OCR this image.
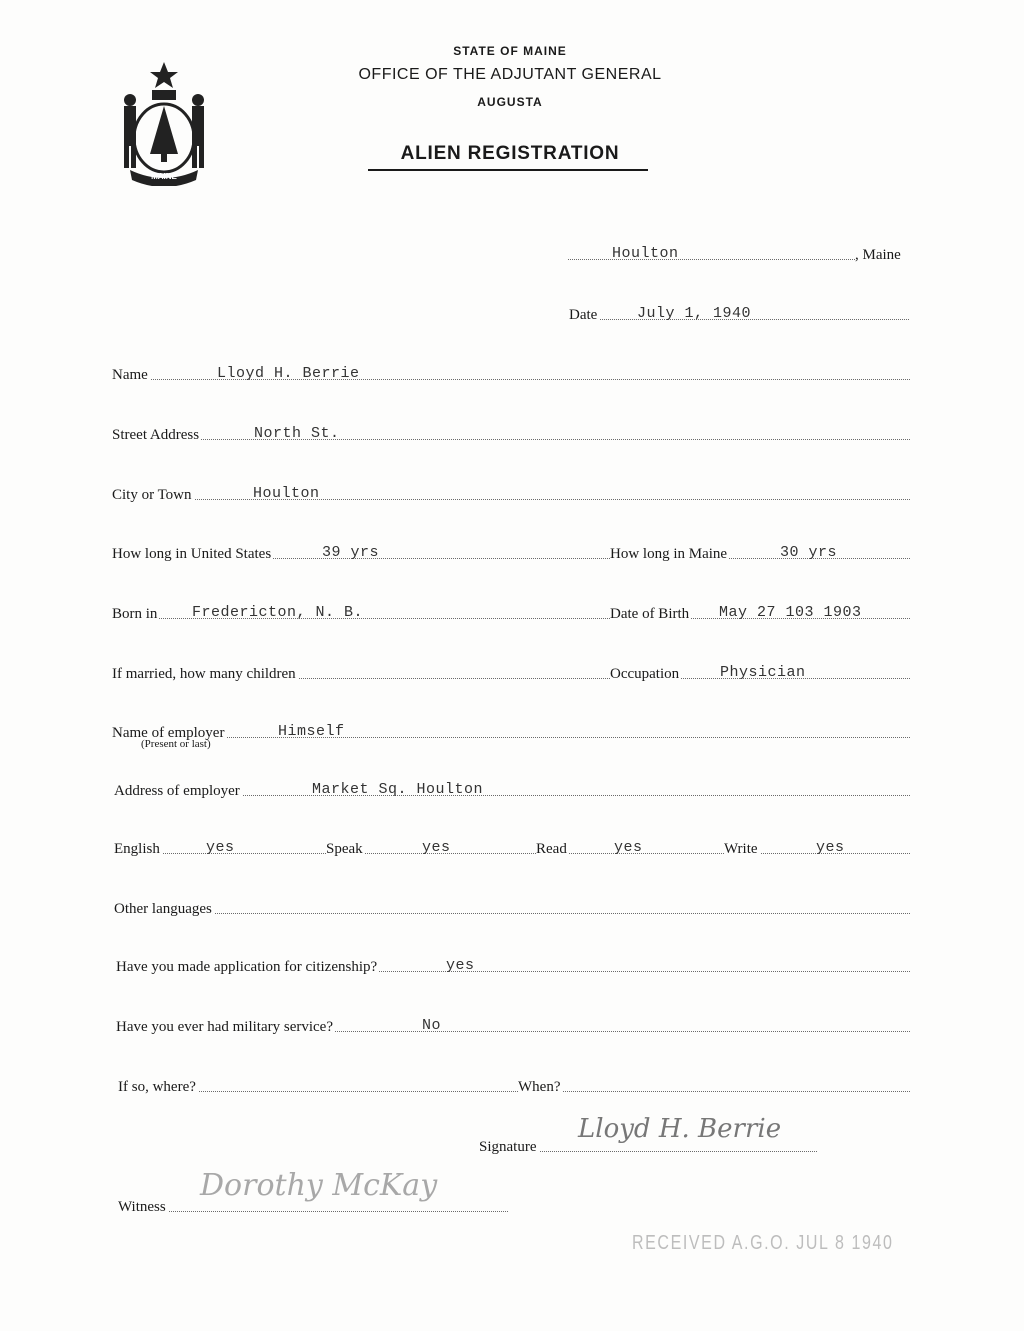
MAINE
STATE OF MAINE
OFFICE OF THE ADJUTANT GENERAL
AUGUSTA
ALIEN REGISTRATION
Houlton	, Maine
Date	July 1, 1940
Name	Lloyd H. Berrie
Street Address	North St.
City or Town	Houlton
How long in United States	39 yrs	How long in Maine	30 yrs
Born in Fredericton, N. B.	Date of Birth May 27 103 1903
If married, how many children	Occupation	Physician
Name of employer	Himself
(Present or last)
Address of employer	Market Sq. Houlton
English	yes	Speak	yes	Read	yes	Write	yes
Other languages
Have you made application for citizenship?	yes
Have you ever had military service?	No
If so, where?	When?
Signature
Lloyd H. Berrie
Witness
Dorothy McKay
RECEIVED A.G.O. JUL 8 1940
